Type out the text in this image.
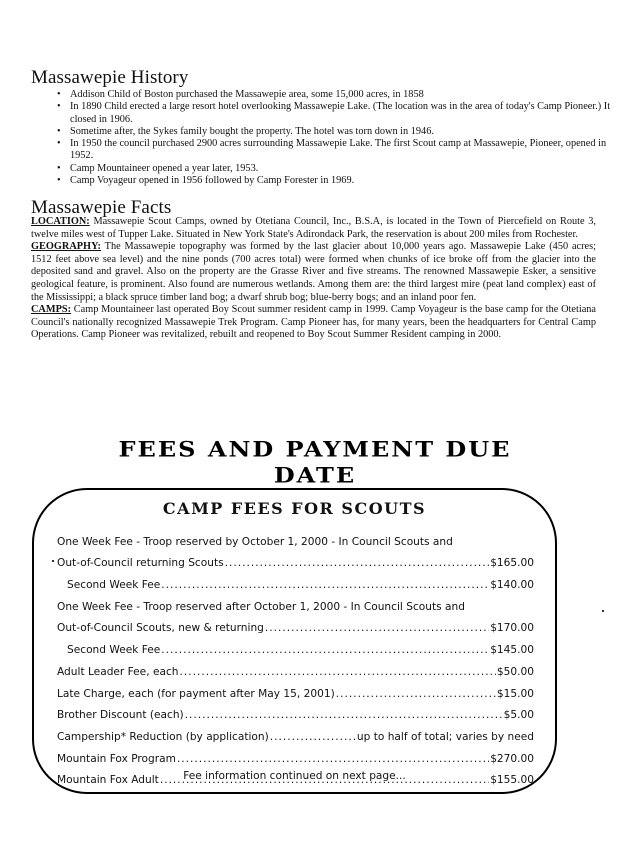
Massawepie History
• Addison Child of Boston purchased the Massawepie area, some 15,000 acres, in 1858
• In 1890 Child erected a large resort hotel overlooking Massawepie Lake. (The location was in the area of today's Camp Pioneer.) It closed in 1906.
• Sometime after, the Sykes family bought the property. The hotel was torn down in 1946.
• In 1950 the council purchased 2900 acres surrounding Massawepie Lake. The first Scout camp at Massawepie, Pioneer, opened in 1952.
• Camp Mountaineer opened a year later, 1953.
• Camp Voyageur opened in 1956 followed by Camp Forester in 1969.
Massawepie Facts

LOCATION: Massawepie Scout Camps, owned by Otetiana Council, Inc., B.S.A, is located in the Town of Piercefield on Route 3, twelve miles west of Tupper Lake. Situated in New York State's Adirondack Park, the reservation is about 200 miles from Rochester.

GEOGRAPHY: The Massawepie topography was formed by the last glacier about 10,000 years ago. Massawepie Lake (450 acres; 1512 feet above sea level) and the nine ponds (700 acres total) were formed when chunks of ice broke off from the glacier into the deposited sand and gravel. Also on the property are the Grasse River and five streams. The renowned Massawepie Esker, a sensitive geological feature, is prominent. Also found are numerous wetlands. Among them are: the third largest mire (peat land complex) east of the Mississippi; a black spruce timber land bog; a dwarf shrub bog; blue-berry bogs; and an inland poor fen.

CAMPS: Camp Mountaineer last operated Boy Scout summer resident camp in 1999. Camp Voyageur is the base camp for the Otetiana Council's nationally recognized Massawepie Trek Program. Camp Pioneer has, for many years, been the headquarters for Central Camp Operations. Camp Pioneer was revitalized, rebuilt and reopened to Boy Scout Summer Resident camping in 2000.

FEES AND PAYMENT DUE DATE
CAMP FEES FOR SCOUTS
One Week Fee - Troop reserved by October 1, 2000 - In Council Scouts and
Out-of-Council returning Scouts .....	$165.00
Second Week Fee .....	$140.00
One Week Fee - Troop reserved after October 1, 2000 - In Council Scouts and
Out-of-Council Scouts, new & returning .....	$170.00
Second Week Fee .....	$145.00
Adult Leader Fee, each .....	$50.00
Late Charge, each (for payment after May 15, 2001) .....	$15.00
Brother Discount (each) .....	$5.00
Campership* Reduction (by application) .....	up to half of total; varies by need
Mountain Fox Program .....	$270.00
Mountain Fox Adult .....	$155.00
Fee information continued on next page...
